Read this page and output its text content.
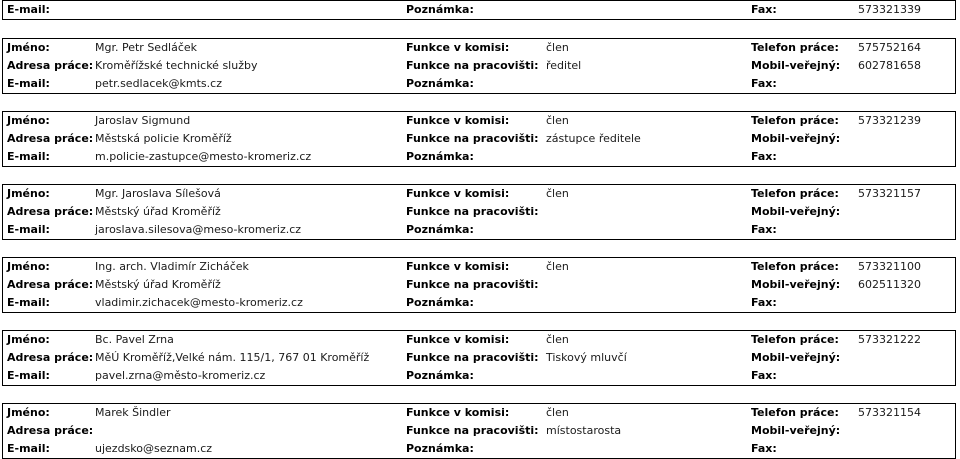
E-mail:	Poznámka:	Fax:	573321339
Jméno:	Mgr. Petr Sedláček	Funkce v komisi:	člen	Telefon práce: 575752164
Adresa práce: Kroměřížské technické služby	Funkce na pracovišti: ředitel	Mobil-veřejný: 602781658
E-mail:	petr.sedlacek@kmts.cz	Poznámka:	Fax:
Jméno:	Jaroslav Sigmund	Funkce v komisi:	člen	Telefon práce: 573321239
Adresa práce: Městská policie Kroměříž	Funkce na pracovišti: zástupce ředitele	Mobil-veřejný:
E-mail:	m.policie-zastupce@mesto-kromeriz.cz	Poznámka:	Fax:
Jméno:	Mgr. Jaroslava Sílešová	Funkce v komisi:	člen	Telefon práce: 573321157
Adresa práce: Městský úřad Kroměříž	Funkce na pracovišti:	Mobil-veřejný:
E-mail:	jaroslava.silesova@meso-kromeriz.cz	Poznámka:	Fax:
Jméno:	Ing. arch. Vladimír Zicháček	Funkce v komisi:	člen	Telefon práce: 573321100
Adresa práce: Městský úřad Kroměříž	Funkce na pracovišti:	Mobil-veřejný: 602511320
E-mail:	vladimir.zichacek@mesto-kromeriz.cz	Poznámka:	Fax:
Jméno:	Bc. Pavel Zrna	Funkce v komisi:	člen	Telefon práce: 573321222
Adresa práce: MěÚ Kroměříž,Velké nám. 115/1, 767 01 Kroměříž	Funkce na pracovišti: Tiskový mluvčí	Mobil-veřejný:
E-mail:	pavel.zrna@město-kromeriz.cz	Poznámka:	Fax:
Jméno:	Marek Šindler	Funkce v komisi:	člen	Telefon práce: 573321154
Adresa práce:	Funkce na pracovišti: místostarosta	Mobil-veřejný:
E-mail:	ujezdsko@seznam.cz	Poznámka:	Fax:
